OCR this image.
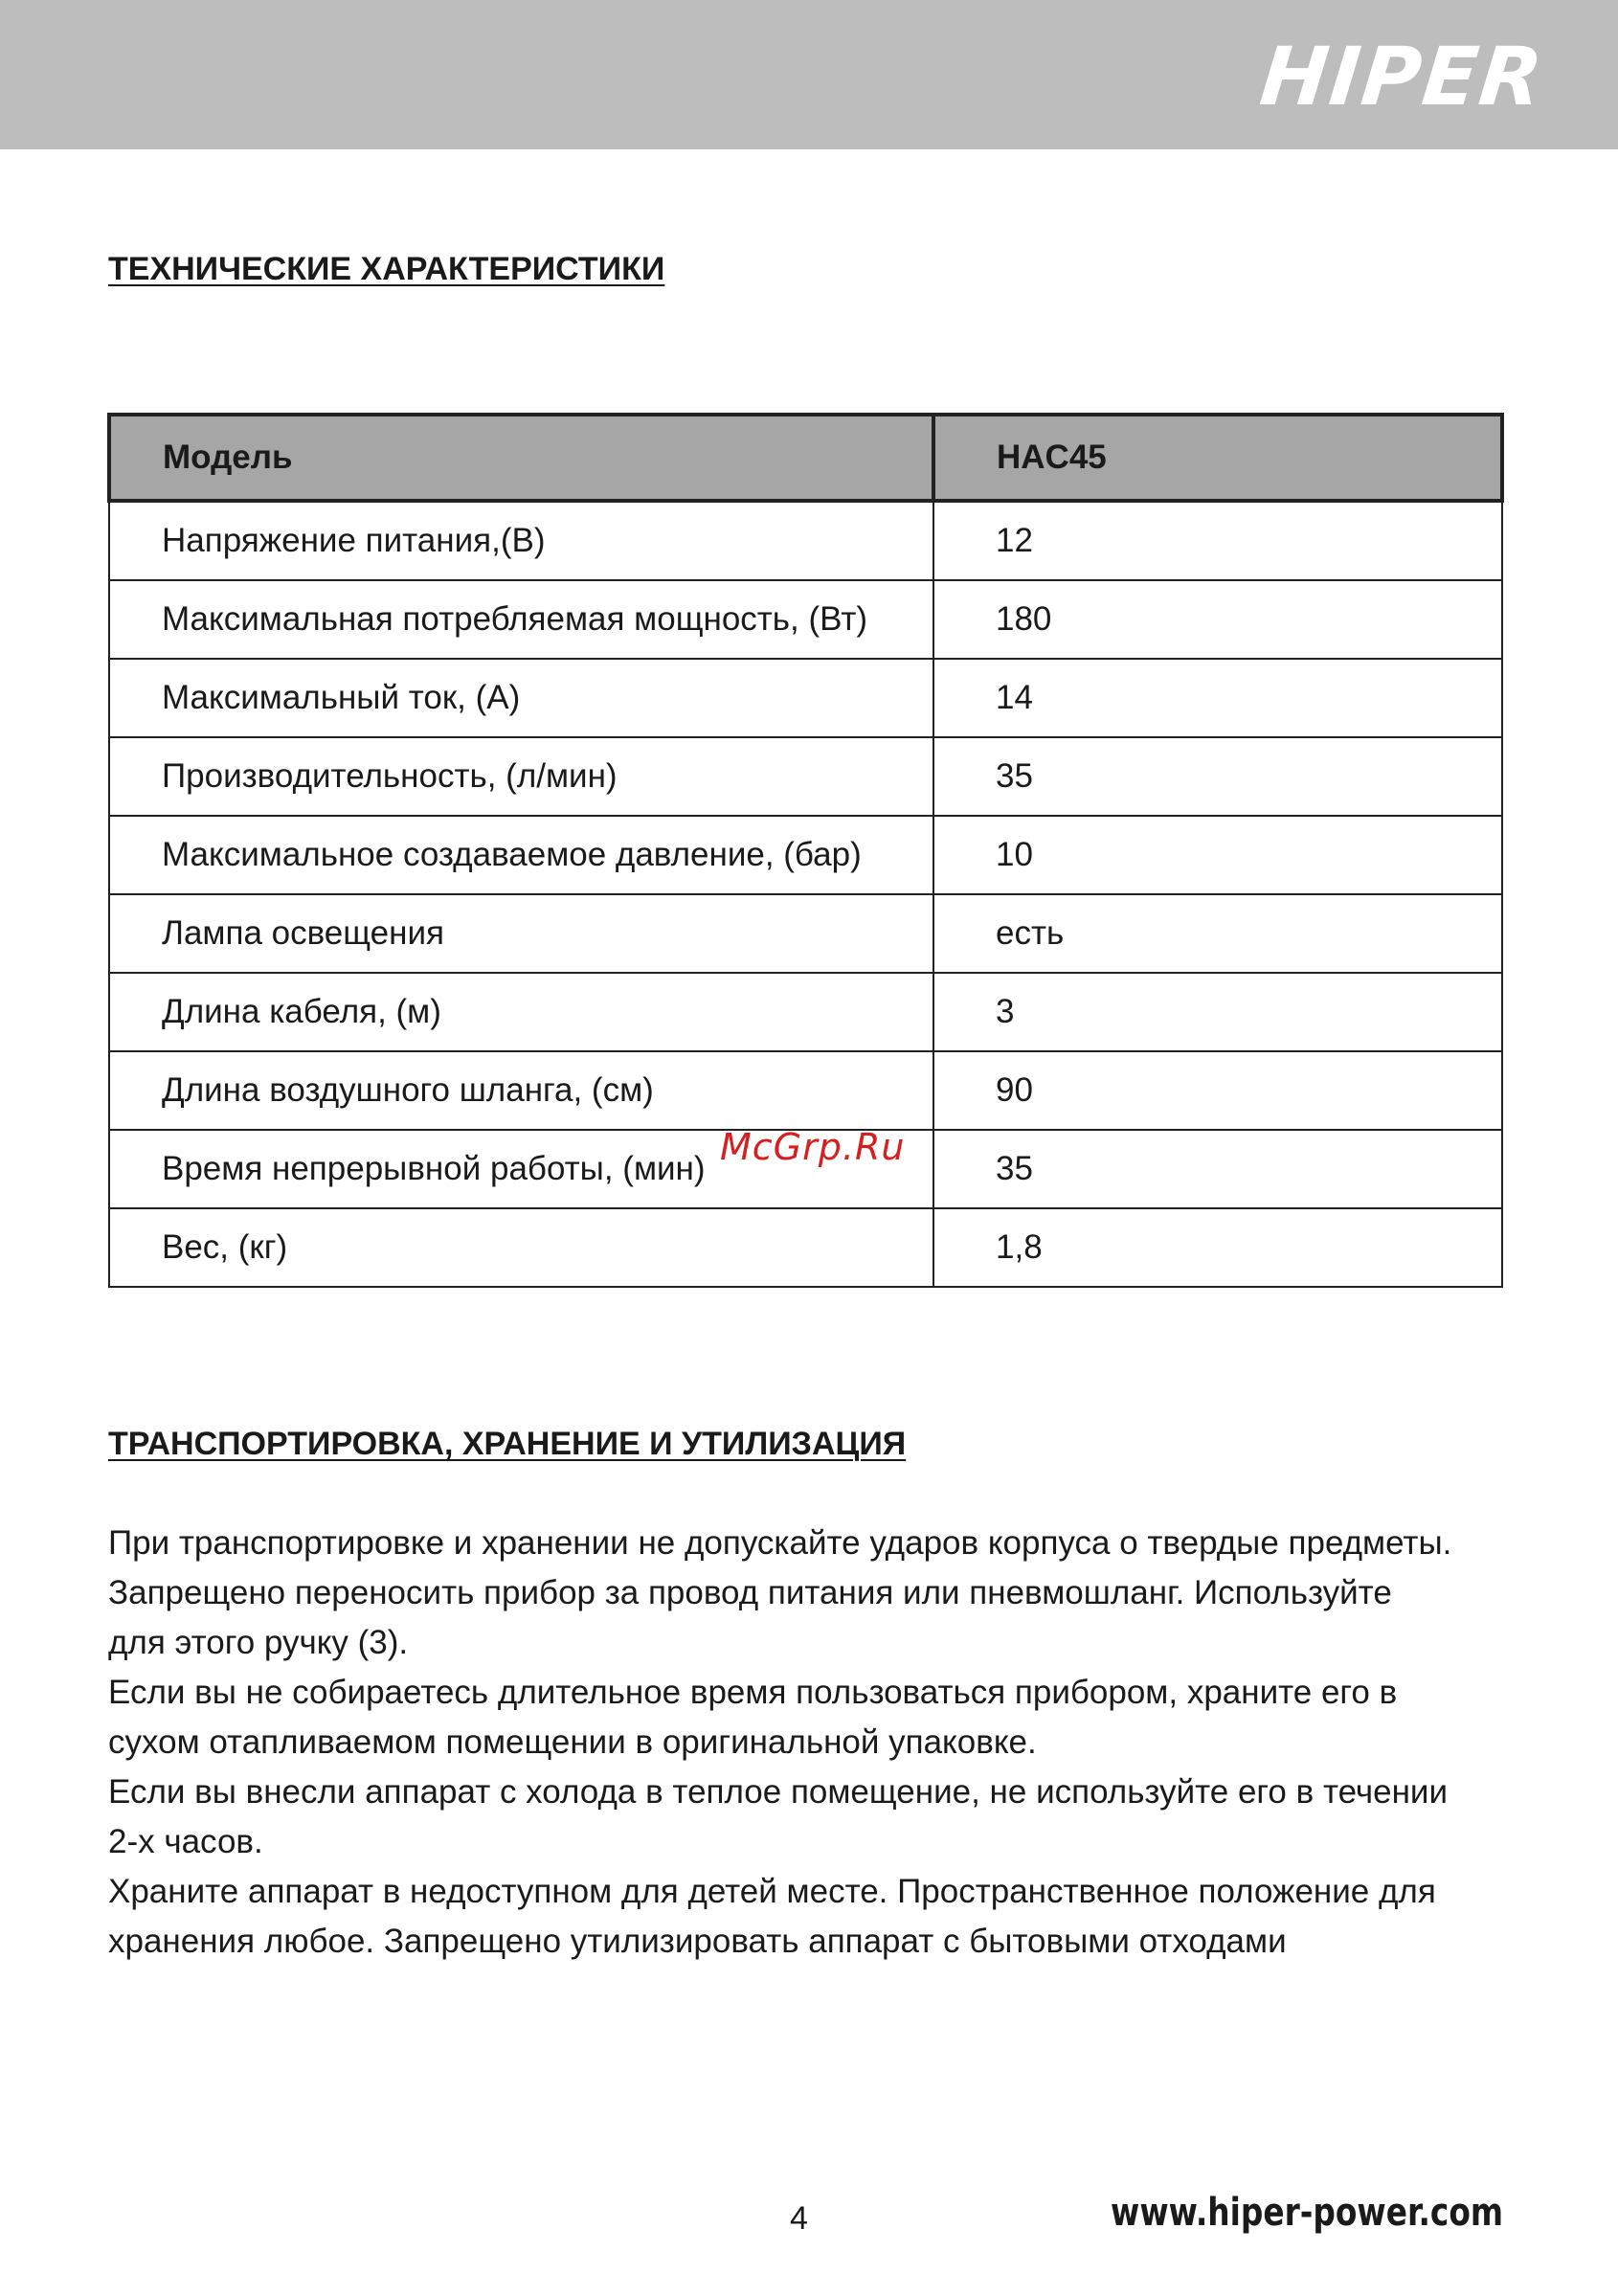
HIPER
ТЕХНИЧЕСКИЕ ХАРАКТЕРИСТИКИ
Модель	HAC45
Напряжение питания,(В)	12
Максимальная потребляемая мощность, (Вт)	180
Максимальный ток, (А)	14
Производительность, (л/мин)	35
Максимальное создаваемое давление, (бар)	10
Лампа освещения	есть
Длина кабеля, (м)	3
Длина воздушного шланга, (см)	90
Время непрерывной работы, (мин)	35
Вес, (кг)	1,8
McGrp.Ru
ТРАНСПОРТИРОВКА, ХРАНЕНИЕ И УТИЛИЗАЦИЯ

При транспортировке и хранении не допускайте ударов корпуса о твердые предметы.

Запрещено переносить прибор за провод питания или пневмошланг. Используйте

для этого ручку (3).

Если вы не собираетесь длительное время пользоваться прибором, храните его в

сухом отапливаемом помещении в оригинальной упаковке.

Если вы внесли аппарат с холода в теплое помещение, не используйте его в течении

2-х часов.

Храните аппарат в недоступном для детей месте. Пространственное положение для

хранения любое. Запрещено утилизировать аппарат с бытовыми отходами

4	www.hiper-power.com
